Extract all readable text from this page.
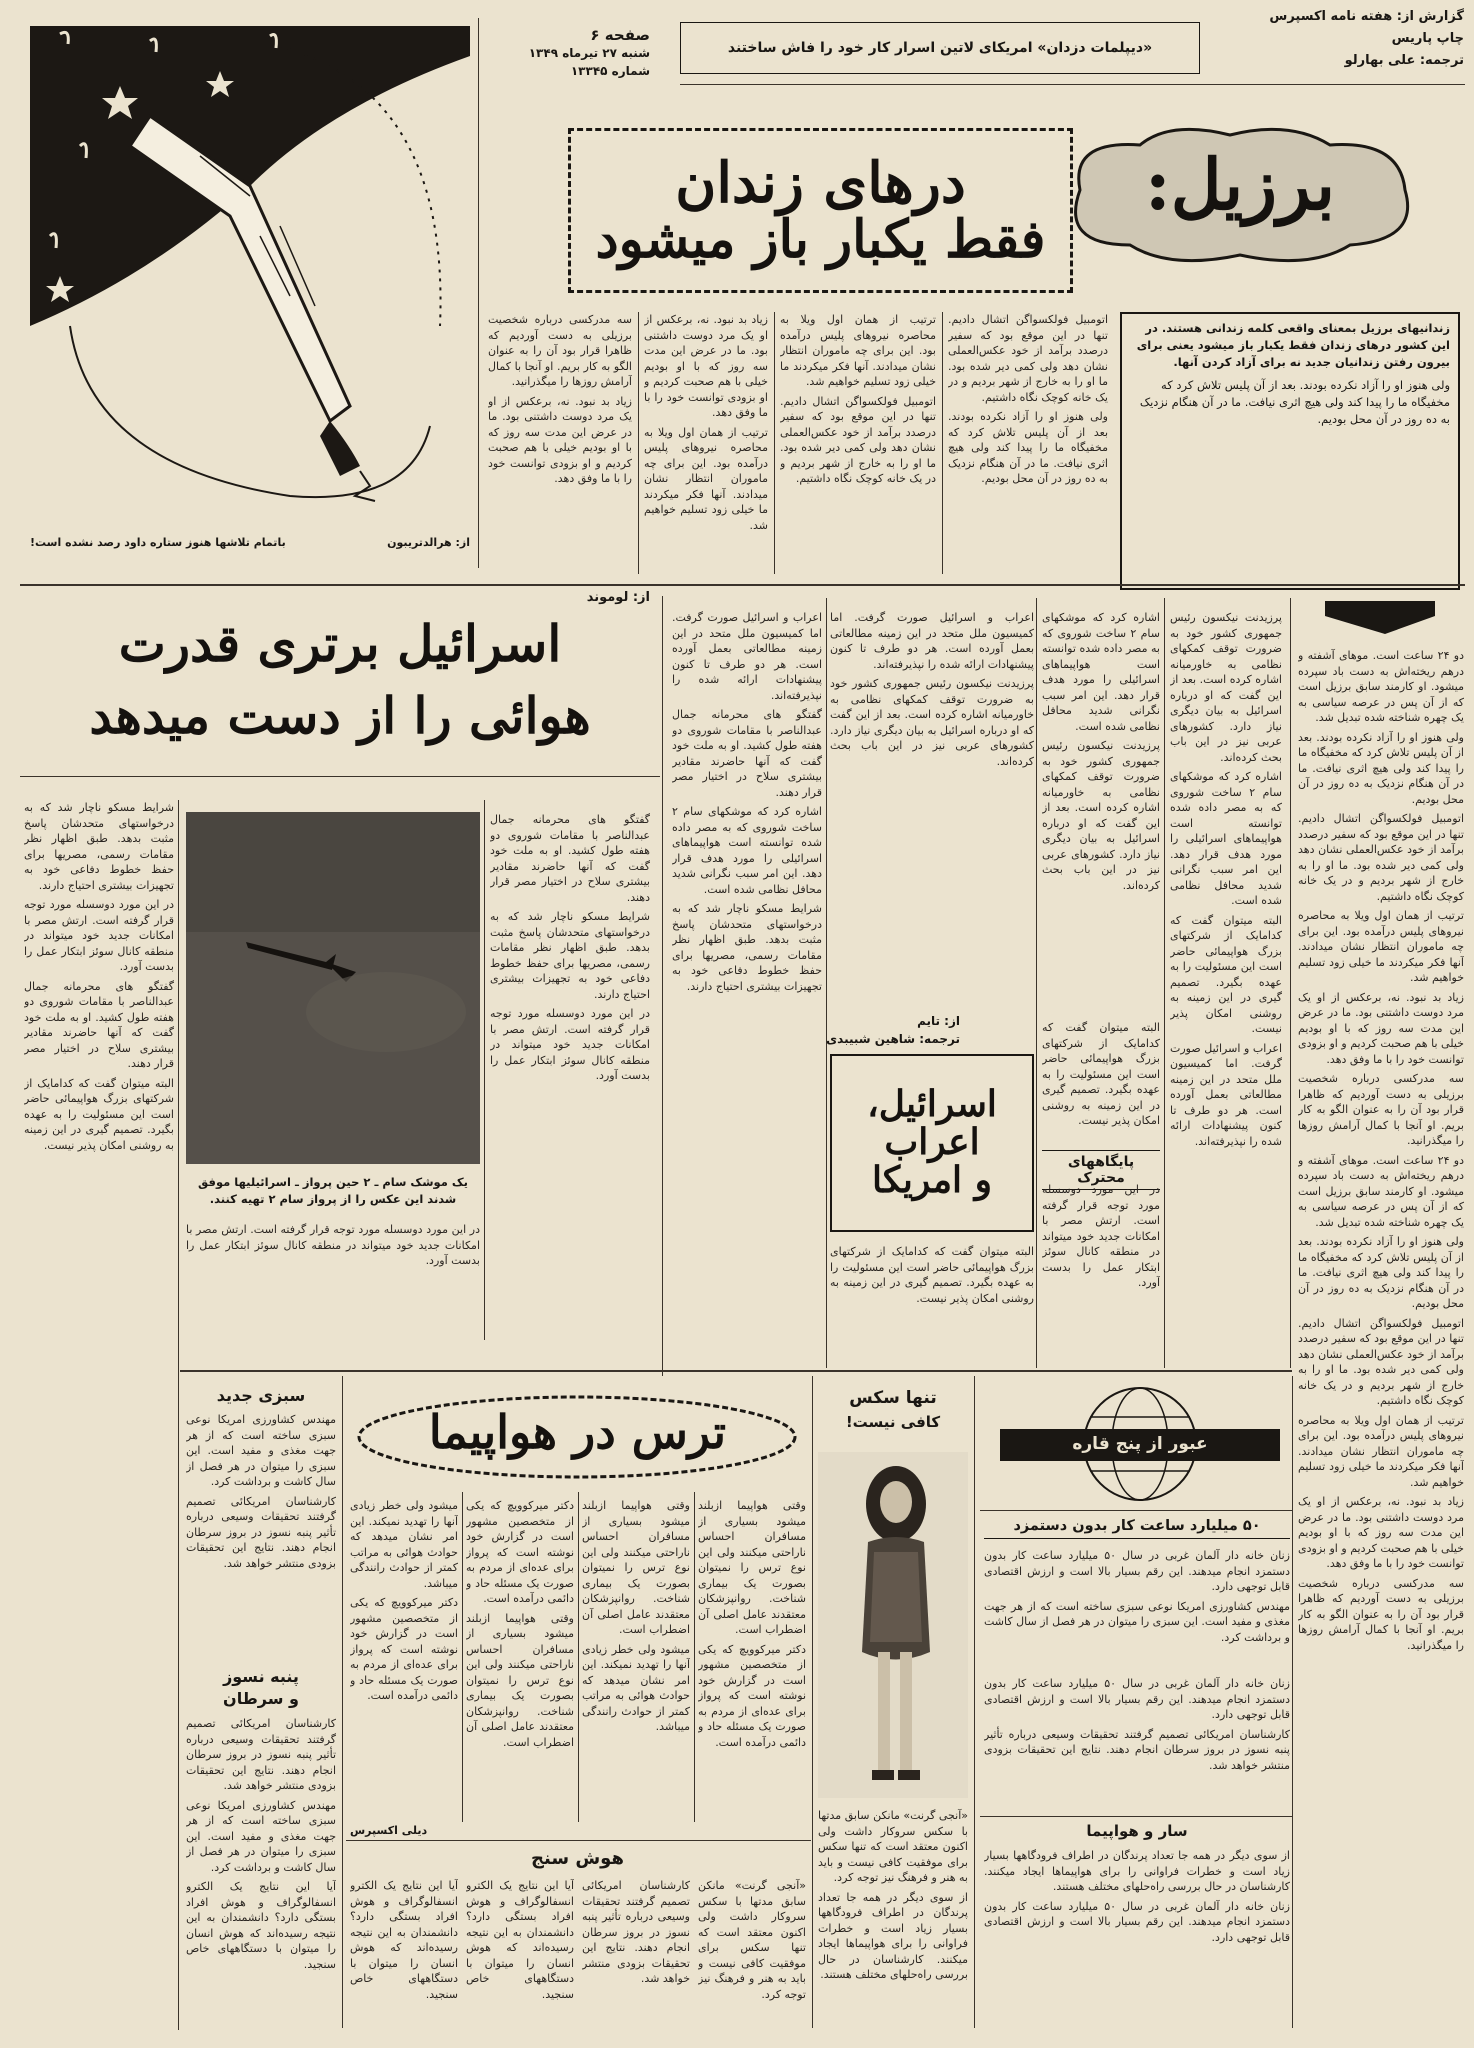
گزارش از: هفته نامه اکسپرس
چاپ پاریس
ترجمه: علی بهارلو
«دیپلمات دزدان» امریکای لاتین اسرار کار خود را فاش ساختند
صفحه ۶
شنبه ۲۷ تیرماه ۱۳۴۹
شماره ۱۳۳۴۵
از: هرالدتریبون
باتمام تلاشها هنوز ستاره داود رصد نشده است!
درهای زندان
فقط یکبار باز میشود
برزیل:

زندانیهای برزیل بمعنای واقعی کلمه زندانی هستند. در این کشور درهای زندان فقط یکبار باز میشود یعنی برای بیرون رفتن زندانیان جدید نه برای آزاد کردن آنها.

ولی هنوز او را آزاد نکرده بودند. بعد از آن پلیس تلاش کرد که مخفیگاه ما را پیدا کند ولی هیچ اثری نیافت. ما در آن هنگام نزدیک به ده روز در آن محل بودیم.

اتومبیل فولکسواگن اتشال دادیم. تنها در این موقع بود که سفیر درصدد برآمد از خود عکس‌العملی نشان دهد ولی کمی دیر شده بود. ما او را به خارج از شهر بردیم و در یک خانه کوچک نگاه داشتیم.

ولی هنوز او را آزاد نکرده بودند. بعد از آن پلیس تلاش کرد که مخفیگاه ما را پیدا کند ولی هیچ اثری نیافت. ما در آن هنگام نزدیک به ده روز در آن محل بودیم.

ترتیب از همان اول ویلا به محاصره نیروهای پلیس درآمده بود. این برای چه ماموران انتظار نشان میدادند. آنها فکر میکردند ما خیلی زود تسلیم خواهیم شد.

اتومبیل فولکسواگن اتشال دادیم. تنها در این موقع بود که سفیر درصدد برآمد از خود عکس‌العملی نشان دهد ولی کمی دیر شده بود. ما او را به خارج از شهر بردیم و در یک خانه کوچک نگاه داشتیم.

زیاد بد نبود. نه، برعکس از او یک مرد دوست داشتنی بود. ما در عرض این مدت سه روز که با او بودیم خیلی با هم صحبت کردیم و او بزودی توانست خود را با ما وفق دهد.

ترتیب از همان اول ویلا به محاصره نیروهای پلیس درآمده بود. این برای چه ماموران انتظار نشان میدادند. آنها فکر میکردند ما خیلی زود تسلیم خواهیم شد.

سه مدرکسی درباره شخصیت برزیلی به دست آوردیم که ظاهرا قرار بود آن را به عنوان الگو به کار بریم. او آنجا با کمال آرامش روزها را میگذرانید.

زیاد بد نبود. نه، برعکس از او یک مرد دوست داشتنی بود. ما در عرض این مدت سه روز که با او بودیم خیلی با هم صحبت کردیم و او بزودی توانست خود را با ما وفق دهد.

از: لوموند
اسرائیل برتری قدرت
هوائی را از دست میدهد
یک موشک سام ـ ۲ حین پرواز ـ اسرائیلیها موفق شدند این عکس را از پرواز سام ۲ تهیه کنند.

گفتگو های محرمانه جمال عبدالناصر با مقامات شوروی دو هفته طول کشید. او به ملت خود گفت که آنها حاضرند مقادیر بیشتری سلاح در اختیار مصر قرار دهند.

شرایط مسکو ناچار شد که به درخواستهای متحدشان پاسخ مثبت بدهد. طبق اظهار نظر مقامات رسمی، مصریها برای حفظ خطوط دفاعی خود به تجهیزات بیشتری احتیاج دارند.

در این مورد دوسسله مورد توجه قرار گرفته است. ارتش مصر با امکانات جدید خود میتواند در منطقه کانال سوئز ابتکار عمل را بدست آورد.

شرایط مسکو ناچار شد که به درخواستهای متحدشان پاسخ مثبت بدهد. طبق اظهار نظر مقامات رسمی، مصریها برای حفظ خطوط دفاعی خود به تجهیزات بیشتری احتیاج دارند.

در این مورد دوسسله مورد توجه قرار گرفته است. ارتش مصر با امکانات جدید خود میتواند در منطقه کانال سوئز ابتکار عمل را بدست آورد.

گفتگو های محرمانه جمال عبدالناصر با مقامات شوروی دو هفته طول کشید. او به ملت خود گفت که آنها حاضرند مقادیر بیشتری سلاح در اختیار مصر قرار دهند.

البته میتوان گفت که کدامایک از شرکتهای بزرگ هواپیمائی حاضر است این مسئولیت را به عهده بگیرد. تصمیم گیری در این زمینه به روشنی امکان پذیر نیست.

در این مورد دوسسله مورد توجه قرار گرفته است. ارتش مصر با امکانات جدید خود میتواند در منطقه کانال سوئز ابتکار عمل را بدست آورد.

از: تایم
ترجمه: شاهین شبیبدی
اسرائیل، اعراب
و امریکا

پرزیدنت نیکسون رئیس جمهوری کشور خود به ضرورت توقف کمکهای نظامی به خاورمیانه اشاره کرده است. بعد از این گفت که او درباره اسرائیل به بیان دیگری نیاز دارد. کشورهای عربی نیز در این باب بحث کرده‌اند.

اشاره کرد که موشکهای سام ۲ ساخت شوروی که به مصر داده شده توانسته است هواپیماهای اسرائیلی را مورد هدف قرار دهد. این امر سبب نگرانی شدید محافل نظامی شده است.

البته میتوان گفت که کدامایک از شرکتهای بزرگ هواپیمائی حاضر است این مسئولیت را به عهده بگیرد. تصمیم گیری در این زمینه به روشنی امکان پذیر نیست.

اعراب و اسرائیل صورت گرفت. اما کمیسیون ملل متحد در این زمینه مطالعاتی بعمل آورده است. هر دو طرف تا کنون پیشنهادات ارائه شده را نپذیرفته‌اند.

اشاره کرد که موشکهای سام ۲ ساخت شوروی که به مصر داده شده توانسته است هواپیماهای اسرائیلی را مورد هدف قرار دهد. این امر سبب نگرانی شدید محافل نظامی شده است.

پرزیدنت نیکسون رئیس جمهوری کشور خود به ضرورت توقف کمکهای نظامی به خاورمیانه اشاره کرده است. بعد از این گفت که او درباره اسرائیل به بیان دیگری نیاز دارد. کشورهای عربی نیز در این باب بحث کرده‌اند.

اعراب و اسرائیل صورت گرفت. اما کمیسیون ملل متحد در این زمینه مطالعاتی بعمل آورده است. هر دو طرف تا کنون پیشنهادات ارائه شده را نپذیرفته‌اند.

پرزیدنت نیکسون رئیس جمهوری کشور خود به ضرورت توقف کمکهای نظامی به خاورمیانه اشاره کرده است. بعد از این گفت که او درباره اسرائیل به بیان دیگری نیاز دارد. کشورهای عربی نیز در این باب بحث کرده‌اند.

اعراب و اسرائیل صورت گرفت. اما کمیسیون ملل متحد در این زمینه مطالعاتی بعمل آورده است. هر دو طرف تا کنون پیشنهادات ارائه شده را نپذیرفته‌اند.

گفتگو های محرمانه جمال عبدالناصر با مقامات شوروی دو هفته طول کشید. او به ملت خود گفت که آنها حاضرند مقادیر بیشتری سلاح در اختیار مصر قرار دهند.

اشاره کرد که موشکهای سام ۲ ساخت شوروی که به مصر داده شده توانسته است هواپیماهای اسرائیلی را مورد هدف قرار دهد. این امر سبب نگرانی شدید محافل نظامی شده است.

شرایط مسکو ناچار شد که به درخواستهای متحدشان پاسخ مثبت بدهد. طبق اظهار نظر مقامات رسمی، مصریها برای حفظ خطوط دفاعی خود به تجهیزات بیشتری احتیاج دارند.

البته میتوان گفت که کدامایک از شرکتهای بزرگ هواپیمائی حاضر است این مسئولیت را به عهده بگیرد. تصمیم گیری در این زمینه به روشنی امکان پذیر نیست.

البته میتوان گفت که کدامایک از شرکتهای بزرگ هواپیمائی حاضر است این مسئولیت را به عهده بگیرد. تصمیم گیری در این زمینه به روشنی امکان پذیر نیست.

پایگاههای محترک

در این مورد دوسسله مورد توجه قرار گرفته است. ارتش مصر با امکانات جدید خود میتواند در منطقه کانال سوئز ابتکار عمل را بدست آورد.

دو ۲۴ ساعت است. موهای آشفته و درهم ریخته‌اش به دست باد سپرده میشود. او کارمند سابق برزیل است که از آن پس در عرصه سیاسی به یک چهره شناخته شده تبدیل شد.

ولی هنوز او را آزاد نکرده بودند. بعد از آن پلیس تلاش کرد که مخفیگاه ما را پیدا کند ولی هیچ اثری نیافت. ما در آن هنگام نزدیک به ده روز در آن محل بودیم.

اتومبیل فولکسواگن اتشال دادیم. تنها در این موقع بود که سفیر درصدد برآمد از خود عکس‌العملی نشان دهد ولی کمی دیر شده بود. ما او را به خارج از شهر بردیم و در یک خانه کوچک نگاه داشتیم.

ترتیب از همان اول ویلا به محاصره نیروهای پلیس درآمده بود. این برای چه ماموران انتظار نشان میدادند. آنها فکر میکردند ما خیلی زود تسلیم خواهیم شد.

زیاد بد نبود. نه، برعکس از او یک مرد دوست داشتنی بود. ما در عرض این مدت سه روز که با او بودیم خیلی با هم صحبت کردیم و او بزودی توانست خود را با ما وفق دهد.

سه مدرکسی درباره شخصیت برزیلی به دست آوردیم که ظاهرا قرار بود آن را به عنوان الگو به کار بریم. او آنجا با کمال آرامش روزها را میگذرانید.

دو ۲۴ ساعت است. موهای آشفته و درهم ریخته‌اش به دست باد سپرده میشود. او کارمند سابق برزیل است که از آن پس در عرصه سیاسی به یک چهره شناخته شده تبدیل شد.

ولی هنوز او را آزاد نکرده بودند. بعد از آن پلیس تلاش کرد که مخفیگاه ما را پیدا کند ولی هیچ اثری نیافت. ما در آن هنگام نزدیک به ده روز در آن محل بودیم.

اتومبیل فولکسواگن اتشال دادیم. تنها در این موقع بود که سفیر درصدد برآمد از خود عکس‌العملی نشان دهد ولی کمی دیر شده بود. ما او را به خارج از شهر بردیم و در یک خانه کوچک نگاه داشتیم.

ترتیب از همان اول ویلا به محاصره نیروهای پلیس درآمده بود. این برای چه ماموران انتظار نشان میدادند. آنها فکر میکردند ما خیلی زود تسلیم خواهیم شد.

زیاد بد نبود. نه، برعکس از او یک مرد دوست داشتنی بود. ما در عرض این مدت سه روز که با او بودیم خیلی با هم صحبت کردیم و او بزودی توانست خود را با ما وفق دهد.

سه مدرکسی درباره شخصیت برزیلی به دست آوردیم که ظاهرا قرار بود آن را به عنوان الگو به کار بریم. او آنجا با کمال آرامش روزها را میگذرانید.

سبزی جدید

مهندس کشاورزی امریکا نوعی سبزی ساخته است که از هر جهت مغذی و مفید است. این سبزی را میتوان در هر فصل از سال کاشت و برداشت کرد.

کارشناسان امریکائی تصمیم گرفتند تحقیقات وسیعی درباره تأثیر پنبه نسوز در بروز سرطان انجام دهند. نتایج این تحقیقات بزودی منتشر خواهد شد.

پنبه نسوز
و سرطان

کارشناسان امریکائی تصمیم گرفتند تحقیقات وسیعی درباره تأثیر پنبه نسوز در بروز سرطان انجام دهند. نتایج این تحقیقات بزودی منتشر خواهد شد.

مهندس کشاورزی امریکا نوعی سبزی ساخته است که از هر جهت مغذی و مفید است. این سبزی را میتوان در هر فصل از سال کاشت و برداشت کرد.

آیا این نتایج یک الکترو انسفالوگراف و هوش افراد بستگی دارد؟ دانشمندان به این نتیجه رسیده‌اند که هوش انسان را میتوان با دستگاههای خاص سنجید.

ترس در هواپیما

میشود ولی خطر زیادی آنها را تهدید نمیکند. این امر نشان میدهد که حوادث هوائی به مراتب کمتر از حوادث رانندگی میباشد.

دکتر میرکوویچ که یکی از متخصصین مشهور است در گزارش خود نوشته است که پرواز برای عده‌ای از مردم به صورت یک مسئله حاد و دائمی درآمده است.

دکتر میرکوویچ که یکی از متخصصین مشهور است در گزارش خود نوشته است که پرواز برای عده‌ای از مردم به صورت یک مسئله حاد و دائمی درآمده است.

وقتی هواپیما ازبلند میشود بسیاری از مسافران احساس ناراحتی میکنند ولی این نوع ترس را نمیتوان بصورت یک بیماری شناخت. روانپزشکان معتقدند عامل اصلی آن اضطراب است.

وقتی هواپیما ازبلند میشود بسیاری از مسافران احساس ناراحتی میکنند ولی این نوع ترس را نمیتوان بصورت یک بیماری شناخت. روانپزشکان معتقدند عامل اصلی آن اضطراب است.

میشود ولی خطر زیادی آنها را تهدید نمیکند. این امر نشان میدهد که حوادث هوائی به مراتب کمتر از حوادث رانندگی میباشد.

وقتی هواپیما ازبلند میشود بسیاری از مسافران احساس ناراحتی میکنند ولی این نوع ترس را نمیتوان بصورت یک بیماری شناخت. روانپزشکان معتقدند عامل اصلی آن اضطراب است.

دکتر میرکوویچ که یکی از متخصصین مشهور است در گزارش خود نوشته است که پرواز برای عده‌ای از مردم به صورت یک مسئله حاد و دائمی درآمده است.

دیلی اکسپرس
هوش سنج

آیا این نتایج یک الکترو انسفالوگراف و هوش افراد بستگی دارد؟ دانشمندان به این نتیجه رسیده‌اند که هوش انسان را میتوان با دستگاههای خاص سنجید.

آیا این نتایج یک الکترو انسفالوگراف و هوش افراد بستگی دارد؟ دانشمندان به این نتیجه رسیده‌اند که هوش انسان را میتوان با دستگاههای خاص سنجید.

کارشناسان امریکائی تصمیم گرفتند تحقیقات وسیعی درباره تأثیر پنبه نسوز در بروز سرطان انجام دهند. نتایج این تحقیقات بزودی منتشر خواهد شد.

«آنجی گرنت» مانکن سابق مدتها با سکس سروکار داشت ولی اکنون معتقد است که تنها سکس برای موفقیت کافی نیست و باید به هنر و فرهنگ نیز توجه کرد.

تنها سکس
کافی نیست!

«آنجی گرنت» مانکن سابق مدتها با سکس سروکار داشت ولی اکنون معتقد است که تنها سکس برای موفقیت کافی نیست و باید به هنر و فرهنگ نیز توجه کرد.

از سوی دیگر در همه جا تعداد پرندگان در اطراف فرودگاهها بسیار زیاد است و خطرات فراوانی را برای هواپیماها ایجاد میکنند. کارشناسان در حال بررسی راه‌حلهای مختلف هستند.

عبور از پنج قاره
۵۰ میلیارد ساعت کار بدون دستمزد

زنان خانه دار آلمان غربی در سال ۵۰ میلیارد ساعت کار بدون دستمزد انجام میدهند. این رقم بسیار بالا است و ارزش اقتصادی قابل توجهی دارد.

مهندس کشاورزی امریکا نوعی سبزی ساخته است که از هر جهت مغذی و مفید است. این سبزی را میتوان در هر فصل از سال کاشت و برداشت کرد.

زنان خانه دار آلمان غربی در سال ۵۰ میلیارد ساعت کار بدون دستمزد انجام میدهند. این رقم بسیار بالا است و ارزش اقتصادی قابل توجهی دارد.

کارشناسان امریکائی تصمیم گرفتند تحقیقات وسیعی درباره تأثیر پنبه نسوز در بروز سرطان انجام دهند. نتایج این تحقیقات بزودی منتشر خواهد شد.

سار و هواپیما

از سوی دیگر در همه جا تعداد پرندگان در اطراف فرودگاهها بسیار زیاد است و خطرات فراوانی را برای هواپیماها ایجاد میکنند. کارشناسان در حال بررسی راه‌حلهای مختلف هستند.

زنان خانه دار آلمان غربی در سال ۵۰ میلیارد ساعت کار بدون دستمزد انجام میدهند. این رقم بسیار بالا است و ارزش اقتصادی قابل توجهی دارد.
